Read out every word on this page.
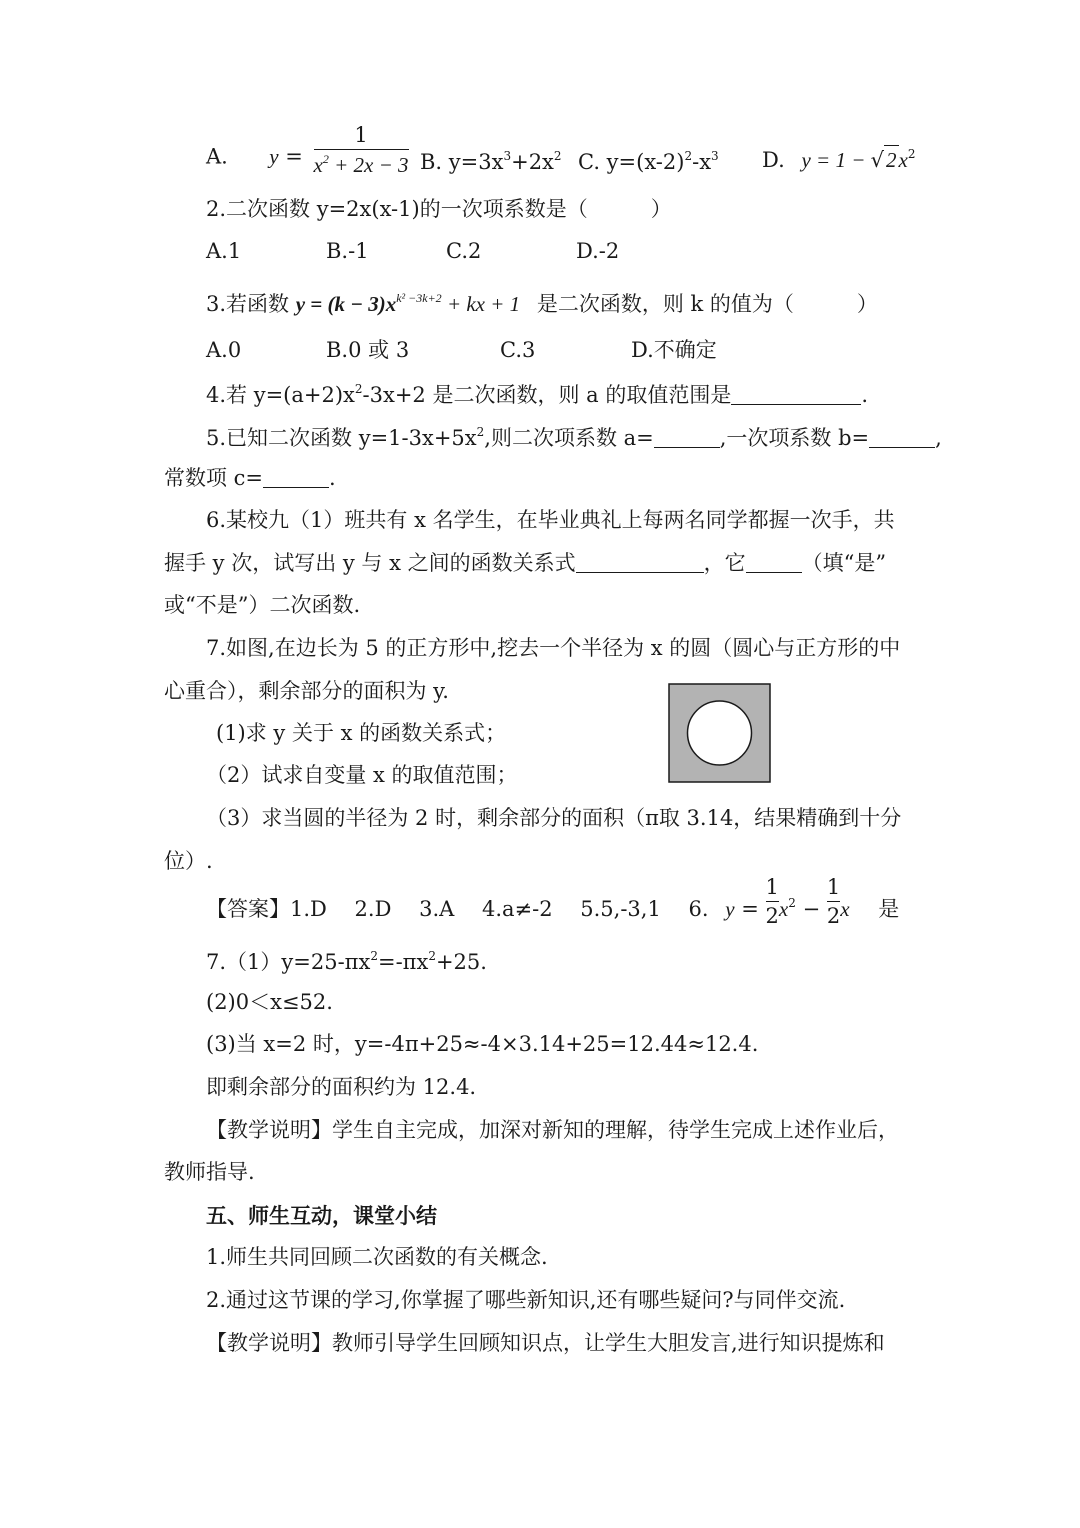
A. $y = \frac{1}{x^2 + 2x - 3} B$. $y=3x^3+2x^2$ C. $y=(x-2)^2-x^3$ D. $y = 1 - √2x^2$
2.二次函数 y=2x(x-1)的一次项系数是（　　　）
A.1	B.-1	C.2	D.-2
3.若函数 $y = (k - 3)x^{k^2 -3k+2}$ + kx + 1 是二次函数，则 k 的值为（　　　）
A.0	B.0 或 3	C.3	D.不确定
4.若 $y=(a+2)x^2-3x+2$ 是二次函数，则 a 的取值范围是	.
5.已知二次函数 $y=1-3x+5x^2$,则二次项系数 a=	,一次项系数 b=	,
常数项 c=	.
6.某校九（1）班共有 x 名学生，在毕业典礼上每两名同学都握一次手，共
握手 y 次，试写出 y 与 x 之间的函数关系式	，它	（填“是”
或“不是”）二次函数.
7.如图,在边长为 5 的正方形中,挖去一个半径为 x 的圆（圆心与正方形的中
心重合），剩余部分的面积为 y.
(1)求 y 关于 x 的函数关系式；
（2）试求自变量 x 的取值范围；
（3）求当圆的半径为 2 时，剩余部分的面积（π取 3.14，结果精确到十分
位）.
【答案】1.D　 2.D　 3.A　 4.a≠-2　 5.5,-3,1　 6. $y = \frac{1}{2} x^2 - \frac{1}{2}$ x 是
$7.(1)y=25-\pi x^2=-\pi x^2+25$.
(2)0＜x≤52.
(3)当 x=2 时，y=-4π+25≈-4×3.14+25=12.44≈12.4.
即剩余部分的面积约为 12.4.
【教学说明】学生自主完成，加深对新知的理解，待学生完成上述作业后，
教师指导.
五、师生互动，课堂小结
1.师生共同回顾二次函数的有关概念.
2.通过这节课的学习,你掌握了哪些新知识,还有哪些疑问?与同伴交流.
【教学说明】教师引导学生回顾知识点，让学生大胆发言,进行知识提炼和
